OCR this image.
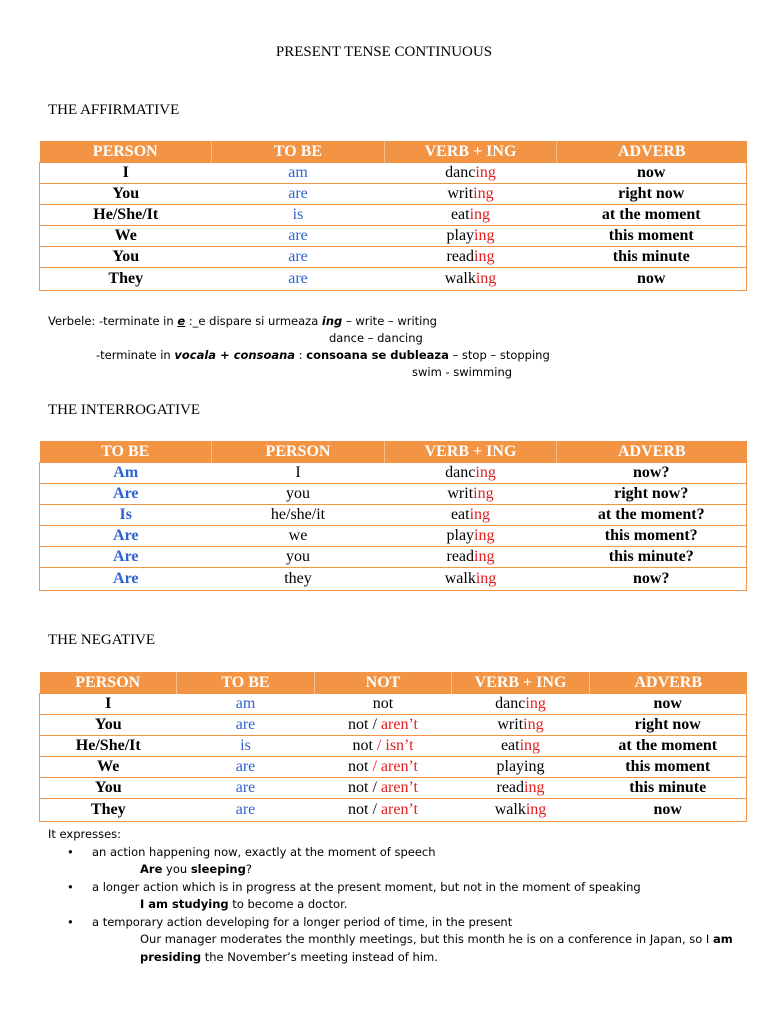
PRESENT TENSE CONTINUOUS
THE AFFIRMATIVE
PERSON	TO BE	VERB + ING	ADVERB
I	am	dancing	now
You	are	writing	right now
He/She/It	is	eating	at the moment
We	are	playing	this moment
You	are	reading	this minute
They	are	walking	now
Verbele: -terminate in e :_e dispare si urmeaza ing – write – writing
dance – dancing
-terminate in vocala + consoana : consoana se dubleaza – stop – stopping
swim - swimming
THE INTERROGATIVE
TO BE	PERSON	VERB + ING	ADVERB
Am	I	dancing	now?
Are	you	writing	right now?
Is	he/she/it	eating	at the moment?
Are	we	playing	this moment?
Are	you	reading	this minute?
Are	they	walking	now?
THE NEGATIVE
PERSON	TO BE	NOT	VERB + ING	ADVERB
I	am	not	dancing	now
You	are	not / aren’t	writing	right now
He/She/It	is	not / isn’t	eating	at the moment
We	are	not / aren’t	playing	this moment
You	are	not / aren’t	reading	this minute
They	are	not / aren’t	walking	now
It expresses:
• an action happening now, exactly at the moment of speech
Are you sleeping?
• a longer action which is in progress at the present moment, but not in the moment of speaking
I am studying to become a doctor.
• a temporary action developing for a longer period of time, in the present
Our manager moderates the monthly meetings, but this month he is on a conference in Japan, so I am presiding the November’s meeting instead of him.
